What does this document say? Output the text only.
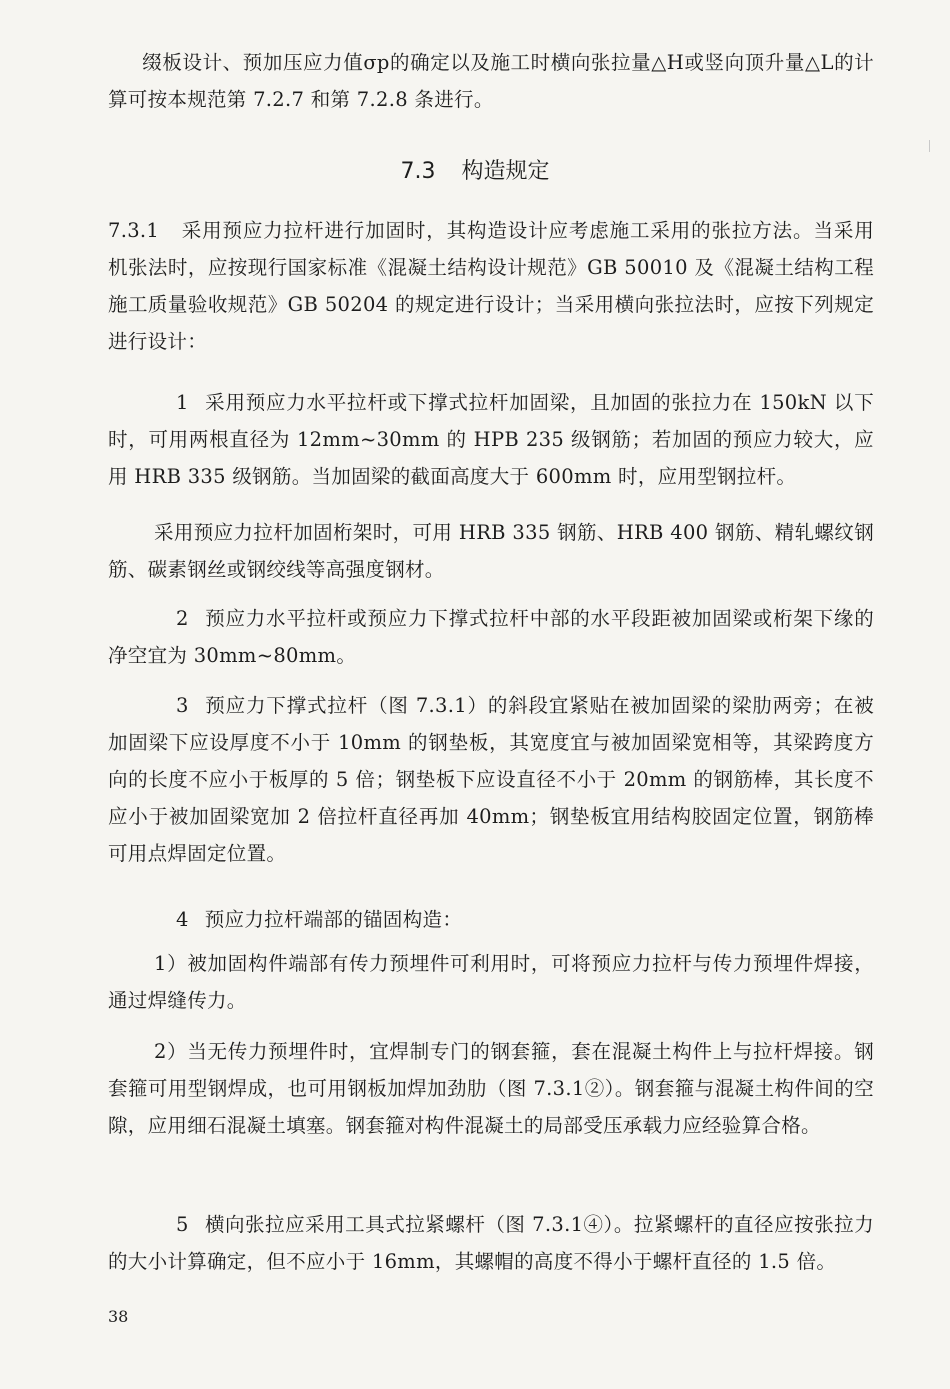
缀板设计、预加压应力值σp的确定以及施工时横向张拉量△H或竖向顶升量△L的计算可按本规范第 7.2.7 和第 7.2.8 条进行。

7.3 构造规定

7.3.1 采用预应力拉杆进行加固时，其构造设计应考虑施工采用的张拉方法。当采用机张法时，应按现行国家标准《混凝土结构设计规范》GB 50010 及《混凝土结构工程施工质量验收规范》GB 50204 的规定进行设计；当采用横向张拉法时，应按下列规定进行设计：

1 采用预应力水平拉杆或下撑式拉杆加固梁，且加固的张拉力在 150kN 以下时，可用两根直径为 12mm~30mm 的 HPB 235 级钢筋；若加固的预应力较大，应用 HRB 335 级钢筋。当加固梁的截面高度大于 600mm 时，应用型钢拉杆。

采用预应力拉杆加固桁架时，可用 HRB 335 钢筋、HRB 400 钢筋、精轧螺纹钢筋、碳素钢丝或钢绞线等高强度钢材。

2 预应力水平拉杆或预应力下撑式拉杆中部的水平段距被加固梁或桁架下缘的净空宜为 30mm~80mm。

3 预应力下撑式拉杆（图 7.3.1）的斜段宜紧贴在被加固梁的梁肋两旁；在被加固梁下应设厚度不小于 10mm 的钢垫板，其宽度宜与被加固梁宽相等，其梁跨度方向的长度不应小于板厚的 5 倍；钢垫板下应设直径不小于 20mm 的钢筋棒，其长度不应小于被加固梁宽加 2 倍拉杆直径再加 40mm；钢垫板宜用结构胶固定位置，钢筋棒可用点焊固定位置。

4 预应力拉杆端部的锚固构造：

1）被加固构件端部有传力预埋件可利用时，可将预应力拉杆与传力预埋件焊接，通过焊缝传力。

2）当无传力预埋件时，宜焊制专门的钢套箍，套在混凝土构件上与拉杆焊接。钢套箍可用型钢焊成，也可用钢板加焊加劲肋（图 7.3.1②）。钢套箍与混凝土构件间的空隙，应用细石混凝土填塞。钢套箍对构件混凝土的局部受压承载力应经验算合格。

5 横向张拉应采用工具式拉紧螺杆（图 7.3.1④）。拉紧螺杆的直径应按张拉力的大小计算确定，但不应小于 16mm，其螺帽的高度不得小于螺杆直径的 1.5 倍。

38
